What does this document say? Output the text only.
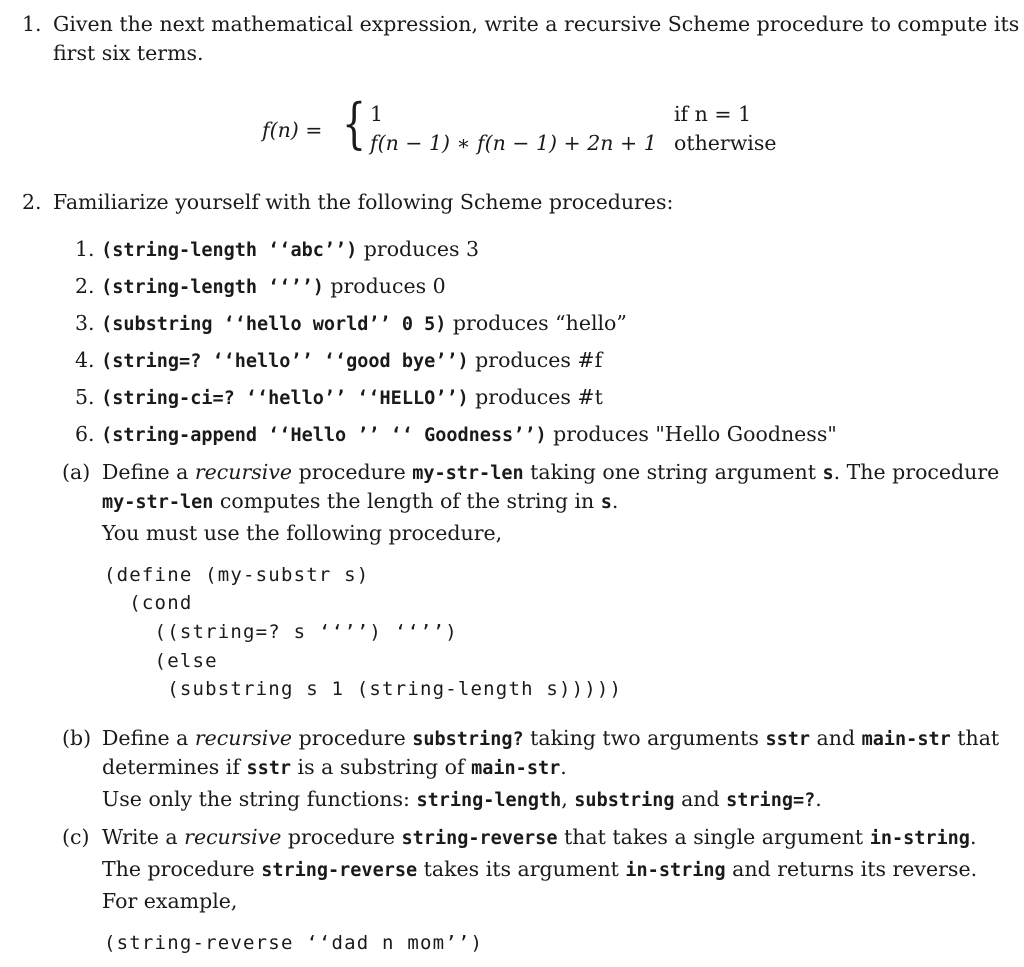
1. Given the next mathematical expression, write a recursive Scheme procedure to compute its
first six terms.
f(n) = { 1	if n = 1
f(n − 1) ∗ f(n − 1) + 2n + 1 otherwise
2. Familiarize yourself with the following Scheme procedures:
1. (string-length ‘‘abc’’) produces 3
2. (string-length ‘‘’’) produces 0
3. (substring ‘‘hello world’’ 0 5) produces “hello”
4. (string=? ‘‘hello’’ ‘‘good bye’’) produces #f
5. (string-ci=? ‘‘hello’’ ‘‘HELLO’’) produces #t
6. (string-append ‘‘Hello ’’ ‘‘ Goodness’’) produces "Hello Goodness"
(a) Define a recursive procedure my-str-len taking one string argument s. The procedure
my-str-len computes the length of the string in s.
You must use the following procedure,
(define (my-substr s)
(cond
((string=? s ‘‘’’) ‘‘’’)
(else
(substring s 1 (string-length s)))))
(b) Define a recursive procedure substring? taking two arguments sstr and main-str that
determines if sstr is a substring of main-str.
Use only the string functions: string-length, substring and string=?.
(c) Write a recursive procedure string-reverse that takes a single argument in-string.
The procedure string-reverse takes its argument in-string and returns its reverse.
For example,
(string-reverse ‘‘dad n mom’’)
